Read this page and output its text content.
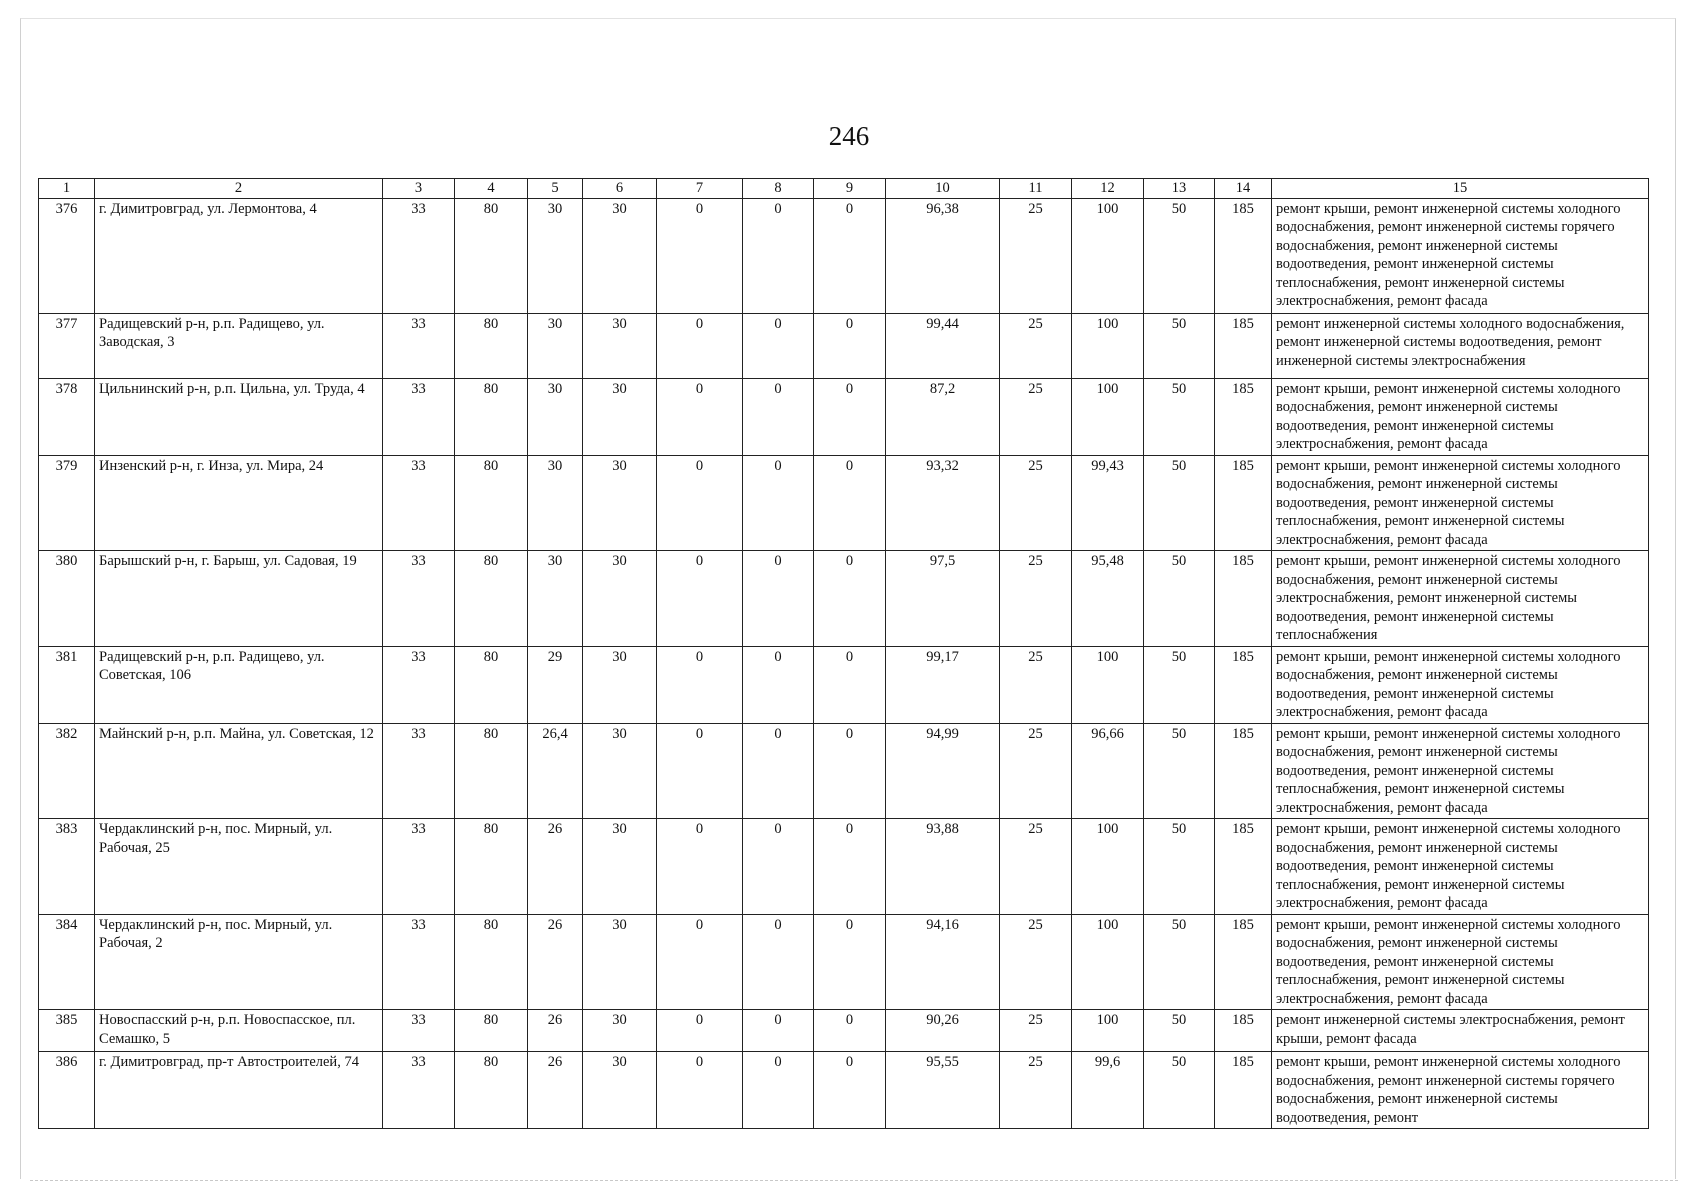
246
1	2	3	4	5	6	7	8	9	10	11	12	13	14	15
376	г. Димитровград, ул. Лермонтова, 4	33	80	30	30	0	0	0	96,38	25	100	50	185	ремонт крыши, ремонт инженерной системы холодного водоснабжения, ремонт инженерной системы горячего водоснабжения, ремонт инженерной системы водоотведения, ремонт инженерной системы теплоснабжения, ремонт инженерной системы электроснабжения, ремонт фасада
377	Радищевский р-н, р.п. Радищево, ул. Заводская, 3	33	80	30	30	0	0	0	99,44	25	100	50	185	ремонт инженерной системы холодного водоснабжения, ремонт инженерной системы водоотведения, ремонт инженерной системы электроснабжения
378	Цильнинский р-н, р.п. Цильна, ул. Труда, 4	33	80	30	30	0	0	0	87,2	25	100	50	185	ремонт крыши, ремонт инженерной системы холодного водоснабжения, ремонт инженерной системы водоотведения, ремонт инженерной системы электроснабжения, ремонт фасада
379	Инзенский р-н, г. Инза, ул. Мира, 24	33	80	30	30	0	0	0	93,32	25	99,43	50	185	ремонт крыши, ремонт инженерной системы холодного водоснабжения, ремонт инженерной системы водоотведения, ремонт инженерной системы теплоснабжения, ремонт инженерной системы электроснабжения, ремонт фасада
380	Барышский р-н, г. Барыш, ул. Садовая, 19	33	80	30	30	0	0	0	97,5	25	95,48	50	185	ремонт крыши, ремонт инженерной системы холодного водоснабжения, ремонт инженерной системы электроснабжения, ремонт инженерной системы водоотведения, ремонт инженерной системы теплоснабжения
381	Радищевский р-н, р.п. Радищево, ул. Советская, 106	33	80	29	30	0	0	0	99,17	25	100	50	185	ремонт крыши, ремонт инженерной системы холодного водоснабжения, ремонт инженерной системы водоотведения, ремонт инженерной системы электроснабжения, ремонт фасада
382	Майнский р-н, р.п. Майна, ул. Советская, 12	33	80	26,4	30	0	0	0	94,99	25	96,66	50	185	ремонт крыши, ремонт инженерной системы холодного водоснабжения, ремонт инженерной системы водоотведения, ремонт инженерной системы теплоснабжения, ремонт инженерной системы электроснабжения, ремонт фасада
383	Чердаклинский р-н, пос. Мирный, ул. Рабочая, 25	33	80	26	30	0	0	0	93,88	25	100	50	185	ремонт крыши, ремонт инженерной системы холодного водоснабжения, ремонт инженерной системы водоотведения, ремонт инженерной системы теплоснабжения, ремонт инженерной системы электроснабжения, ремонт фасада
384	Чердаклинский р-н, пос. Мирный, ул. Рабочая, 2	33	80	26	30	0	0	0	94,16	25	100	50	185	ремонт крыши, ремонт инженерной системы холодного водоснабжения, ремонт инженерной системы водоотведения, ремонт инженерной системы теплоснабжения, ремонт инженерной системы электроснабжения, ремонт фасада
385	Новоспасский р-н, р.п. Новоспасское, пл. Семашко, 5	33	80	26	30	0	0	0	90,26	25	100	50	185	ремонт инженерной системы электроснабжения, ремонт крыши, ремонт фасада
386	г. Димитровград, пр-т Автостроителей, 74	33	80	26	30	0	0	0	95,55	25	99,6	50	185	ремонт крыши, ремонт инженерной системы холодного водоснабжения, ремонт инженерной системы горячего водоснабжения, ремонт инженерной системы водоотведения, ремонт
